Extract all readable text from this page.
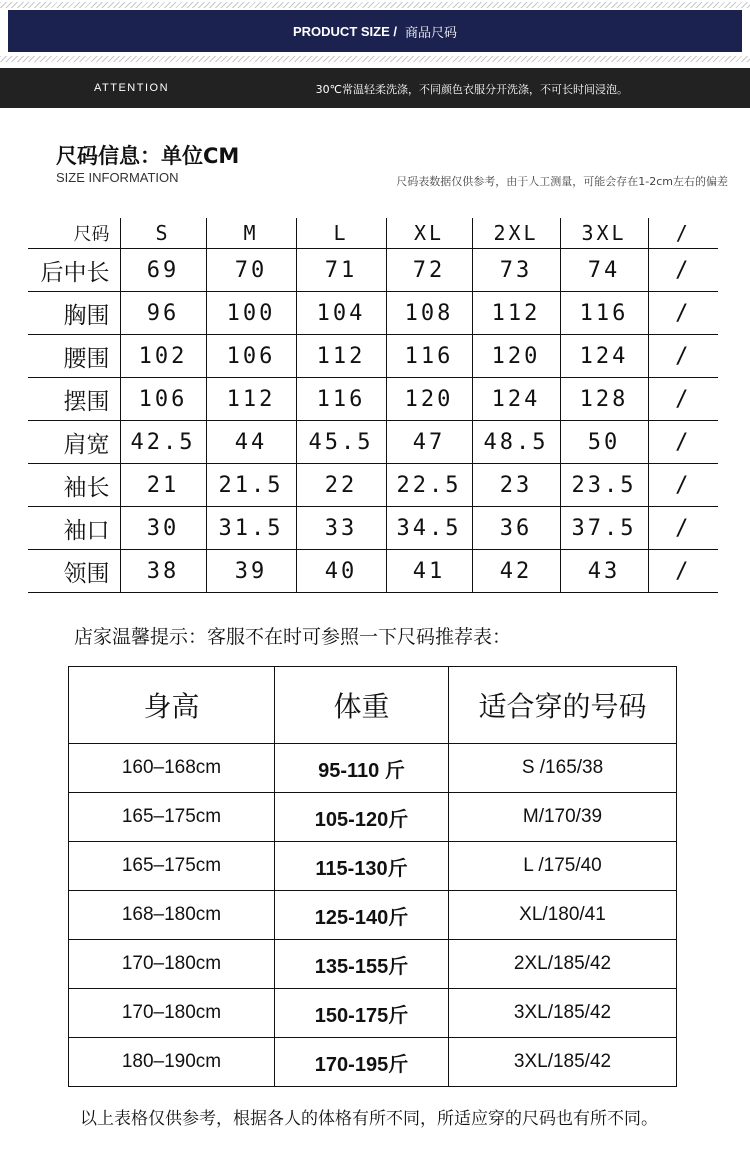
PRODUCT SIZE / 商品尺码
ATTENTION	30℃常温轻柔洗涤，不同颜色衣服分开洗涤，不可长时间浸泡。
尺码信息：单位CM
SIZE INFORMATION	尺码表数据仅供参考，由于人工测量，可能会存在1-2cm左右的偏差
尺码	S	M	L	XL	2XL	3XL	/
后中长	69	70	71	72	73	74	/
胸围	96	100	104	108	112	116	/
腰围	102	106	112	116	120	124	/
摆围	106	112	116	120	124	128	/
肩宽	42.5	44	45.5	47	48.5	50	/
袖长	21	21.5	22	22.5	23	23.5	/
袖口	30	31.5	33	34.5	36	37.5	/
领围	38	39	40	41	42	43	/
店家温馨提示：客服不在时可参照一下尺码推荐表：
身高	体重	适合穿的号码
160–168cm	95-110 斤	S /165/38
165–175cm	105-120斤	M/170/39
165–175cm	115-130斤	L /175/40
168–180cm	125-140斤	XL/180/41
170–180cm	135-155斤	2XL/185/42
170–180cm	150-175斤	3XL/185/42
180–190cm	170-195斤	3XL/185/42
以上表格仅供参考，根据各人的体格有所不同，所适应穿的尺码也有所不同。
